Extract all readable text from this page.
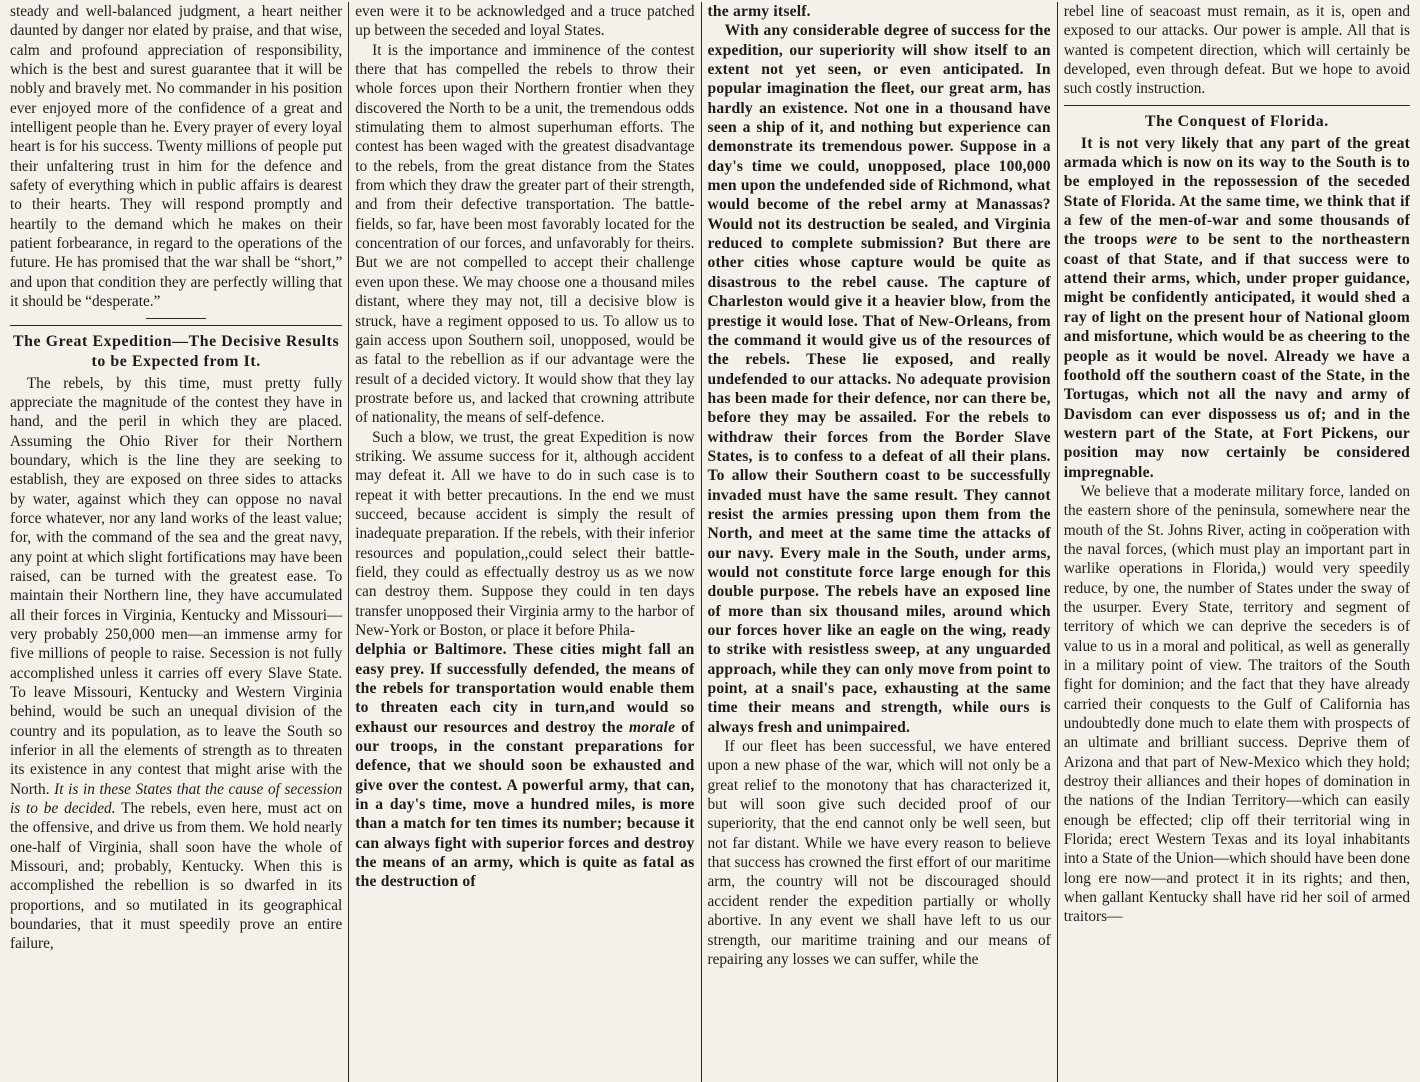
steady and well-balanced judgment, a heart neither daunted by danger nor elated by praise, and that wise, calm and profound appreciation of responsibility, which is the best and surest guarantee that it will be nobly and bravely met. No commander in his position ever enjoyed more of the confidence of a great and intelligent people than he. Every prayer of every loyal heart is for his success. Twenty millions of people put their unfaltering trust in him for the defence and safety of everything which in public affairs is dearest to their hearts. They will respond promptly and heartily to the demand which he makes on their patient forbearance, in regard to the operations of the future. He has promised that the war shall be “short,” and upon that condition they are perfectly willing that it should be “desperate.”

The Great Expedition—The Decisive Results to be Expected from It.

The rebels, by this time, must pretty fully appreciate the magnitude of the contest they have in hand, and the peril in which they are placed. Assuming the Ohio River for their Northern boundary, which is the line they are seeking to establish, they are exposed on three sides to attacks by water, against which they can oppose no naval force whatever, nor any land works of the least value; for, with the command of the sea and the great navy, any point at which slight fortifications may have been raised, can be turned with the greatest ease. To maintain their Northern line, they have accumulated all their forces in Virginia, Kentucky and Missouri—very probably 250,000 men—an immense army for five millions of people to raise. Secession is not fully accomplished unless it carries off every Slave State. To leave Missouri, Kentucky and Western Virginia behind, would be such an unequal division of the country and its population, as to leave the South so inferior in all the elements of strength as to threaten its existence in any contest that might arise with the North. It is in these States that the cause of secession is to be decided. The rebels, even here, must act on the offensive, and drive us from them. We hold nearly one-half of Virginia, shall soon have the whole of Missouri, and; probably, Kentucky. When this is accomplished the rebellion is so dwarfed in its proportions, and so mutilated in its geographical boundaries, that it must speedily prove an entire failure,

even were it to be acknowledged and a truce patched up between the seceded and loyal States.

It is the importance and imminence of the contest there that has compelled the rebels to throw their whole forces upon their Northern frontier when they discovered the North to be a unit, the tremendous odds stimulating them to almost superhuman efforts. The contest has been waged with the greatest disadvantage to the rebels, from the great distance from the States from which they draw the greater part of their strength, and from their defective transportation. The battle-fields, so far, have been most favorably located for the concentration of our forces, and unfavorably for theirs. But we are not compelled to accept their challenge even upon these. We may choose one a thousand miles distant, where they may not, till a decisive blow is struck, have a regiment opposed to us. To allow us to gain access upon Southern soil, unopposed, would be as fatal to the rebellion as if our advantage were the result of a decided victory. It would show that they lay prostrate before us, and lacked that crowning attribute of nationality, the means of self-defence.

Such a blow, we trust, the great Expedition is now striking. We assume success for it, although accident may defeat it. All we have to do in such case is to repeat it with better precautions. In the end we must succeed, because accident is simply the result of inadequate preparation. If the rebels, with their inferior resources and population,,could select their battle-field, they could as effectually destroy us as we now can destroy them. Suppose they could in ten days transfer unopposed their Virginia army to the harbor of New-York or Boston, or place it before Phila-

delphia or Baltimore. These cities might fall an easy prey. If successfully defended, the means of the rebels for transportation would enable them to threaten each city in turn,and would so exhaust our resources and destroy the morale of our troops, in the constant preparations for defence, that we should soon be exhausted and give over the contest. A powerful army, that can, in a day's time, move a hundred miles, is more than a match for ten times its number; because it can always fight with superior forces and destroy the means of an army, which is quite as fatal as the destruction of

the army itself.

With any considerable degree of success for the expedition, our superiority will show itself to an extent not yet seen, or even anticipated. In popular imagination the fleet, our great arm, has hardly an existence. Not one in a thousand have seen a ship of it, and nothing but experience can demonstrate its tremendous power. Suppose in a day's time we could, unopposed, place 100,000 men upon the undefended side of Richmond, what would become of the rebel army at Manassas? Would not its destruction be sealed, and Virginia reduced to complete submission? But there are other cities whose capture would be quite as disastrous to the rebel cause. The capture of Charleston would give it a heavier blow, from the prestige it would lose. That of New-Orleans, from the command it would give us of the resources of the rebels. These lie exposed, and really undefended to our attacks. No adequate provision has been made for their defence, nor can there be, before they may be assailed. For the rebels to withdraw their forces from the Border Slave States, is to confess to a defeat of all their plans. To allow their Southern coast to be successfully invaded must have the same result. They cannot resist the armies pressing upon them from the North, and meet at the same time the attacks of our navy. Every male in the South, under arms, would not constitute force large enough for this double purpose. The rebels have an exposed line of more than six thousand miles, around which our forces hover like an eagle on the wing, ready to strike with resistless sweep, at any unguarded approach, while they can only move from point to point, at a snail's pace, exhausting at the same time their means and strength, while ours is always fresh and unimpaired.

If our fleet has been successful, we have entered upon a new phase of the war, which will not only be a great relief to the monotony that has characterized it, but will soon give such decided proof of our superiority, that the end cannot only be well seen, but not far distant. While we have every reason to believe that success has crowned the first effort of our maritime arm, the country will not be discouraged should accident render the expedition partially or wholly abortive. In any event we shall have left to us our strength, our maritime training and our means of repairing any losses we can suffer, while the

rebel line of seacoast must remain, as it is, open and exposed to our attacks. Our power is ample. All that is wanted is competent direction, which will certainly be developed, even through defeat. But we hope to avoid such costly instruction.

The Conquest of Florida.

It is not very likely that any part of the great armada which is now on its way to the South is to be employed in the repossession of the seceded State of Florida. At the same time, we think that if a few of the men-of-war and some thousands of the troops were to be sent to the northeastern coast of that State, and if that success were to attend their arms, which, under proper guidance, might be confidently anticipated, it would shed a ray of light on the present hour of National gloom and misfortune, which would be as cheering to the people as it would be novel. Already we have a foothold off the southern coast of the State, in the Tortugas, which not all the navy and army of Davisdom can ever dispossess us of; and in the western part of the State, at Fort Pickens, our position may now certainly be considered impregnable.

We believe that a moderate military force, landed on the eastern shore of the peninsula, somewhere near the mouth of the St. Johns River, acting in coöperation with the naval forces, (which must play an important part in warlike operations in Florida,) would very speedily reduce, by one, the number of States under the sway of the usurper. Every State, territory and segment of territory of which we can deprive the seceders is of value to us in a moral and political, as well as generally in a military point of view. The traitors of the South fight for dominion; and the fact that they have already carried their conquests to the Gulf of California has undoubtedly done much to elate them with prospects of an ultimate and brilliant success. Deprive them of Arizona and that part of New-Mexico which they hold; destroy their alliances and their hopes of domination in the nations of the Indian Territory—which can easily enough be effected; clip off their territorial wing in Florida; erect Western Texas and its loyal inhabitants into a State of the Union—which should have been done long ere now—and protect it in its rights; and then, when gallant Kentucky shall have rid her soil of armed traitors—
